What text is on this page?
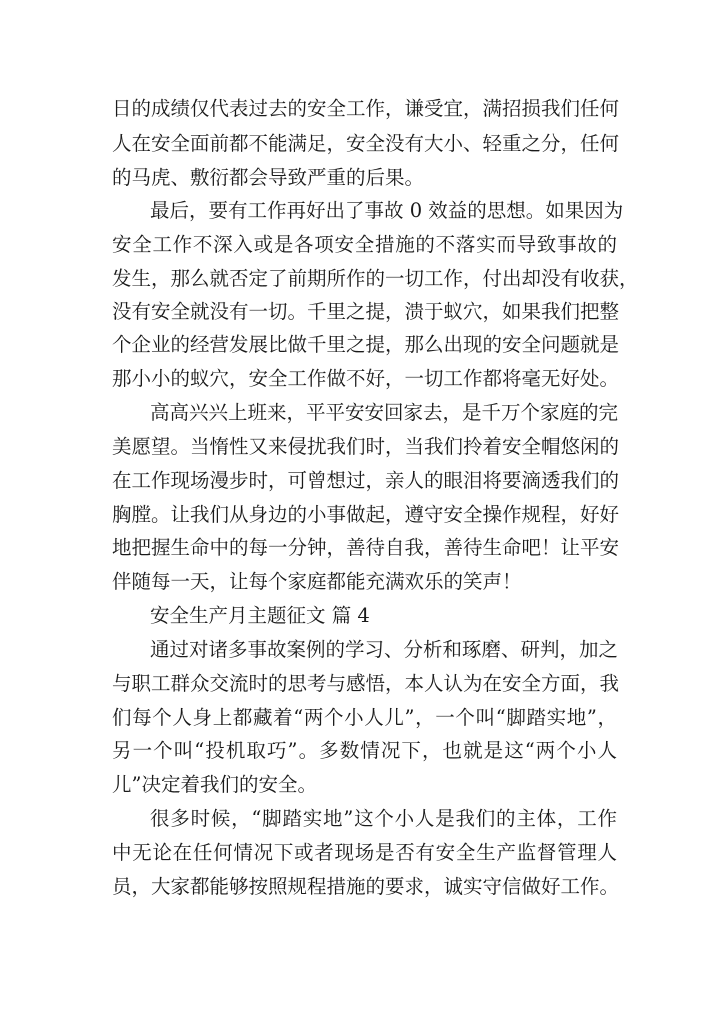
日的成绩仅代表过去的安全工作，谦受宜，满招损我们任何
人在安全面前都不能满足，安全没有大小、轻重之分，任何
的马虎、敷衍都会导致严重的后果。
最后，要有工作再好出了事故 0 效益的思想。如果因为
安全工作不深入或是各项安全措施的不落实而导致事故的
发生，那么就否定了前期所作的一切工作，付出却没有收获，
没有安全就没有一切。千里之提，溃于蚁穴，如果我们把整
个企业的经营发展比做千里之提，那么出现的安全问题就是
那小小的蚁穴，安全工作做不好，一切工作都将毫无好处。
高高兴兴上班来，平平安安回家去，是千万个家庭的完
美愿望。当惰性又来侵扰我们时，当我们拎着安全帽悠闲的
在工作现场漫步时，可曾想过，亲人的眼泪将要滴透我们的
胸膛。让我们从身边的小事做起，遵守安全操作规程，好好
地把握生命中的每一分钟，善待自我，善待生命吧！让平安
伴随每一天，让每个家庭都能充满欢乐的笑声！
安全生产月主题征文 篇 4
通过对诸多事故案例的学习、分析和琢磨、研判，加之
与职工群众交流时的思考与感悟，本人认为在安全方面，我
们每个人身上都藏着“两个小人儿”，一个叫“脚踏实地”，
另一个叫“投机取巧”。多数情况下，也就是这“两个小人
儿”决定着我们的安全。
很多时候，“脚踏实地”这个小人是我们的主体，工作
中无论在任何情况下或者现场是否有安全生产监督管理人
员，大家都能够按照规程措施的要求，诚实守信做好工作。
